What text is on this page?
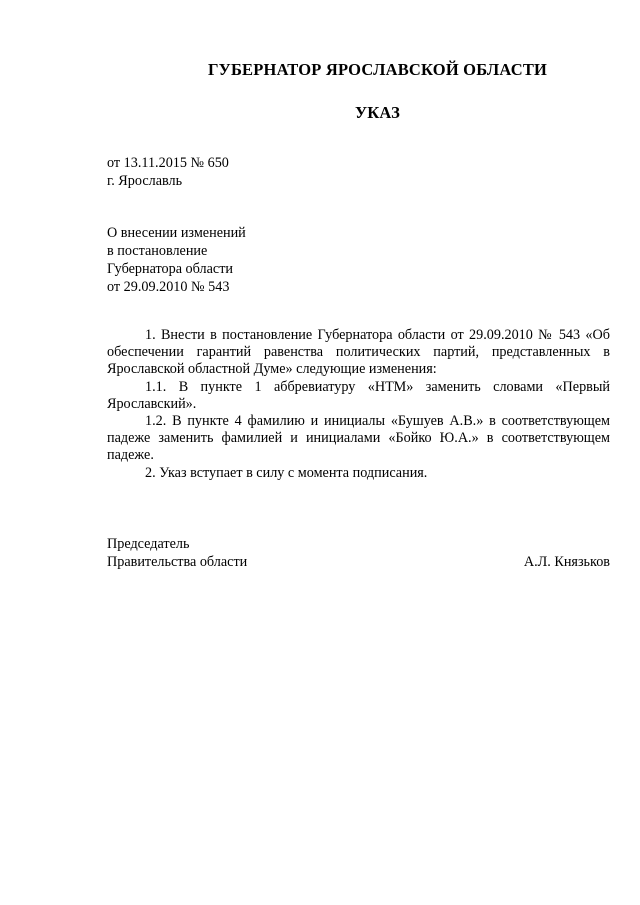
ГУБЕРНАТОР ЯРОСЛАВСКОЙ ОБЛАСТИ
УКАЗ
от 13.11.2015 № 650
г. Ярославль
О внесении изменений
в постановление
Губернатора области
от 29.09.2010 № 543

1. Внести в постановление Губернатора области от 29.09.2010 № 543 «Об обеспечении гарантий равенства политических партий, представленных в Ярославской областной Думе» следующие изменения:

1.1. В пункте 1 аббревиатуру «НТМ» заменить словами «Первый Ярославский».

1.2. В пункте 4 фамилию и инициалы «Бушуев А.В.» в соответствующем падеже заменить фамилией и инициалами «Бойко Ю.А.» в соответствующем падеже.

2. Указ вступает в силу с момента подписания.

Председатель
Правительства области	А.Л. Князьков
